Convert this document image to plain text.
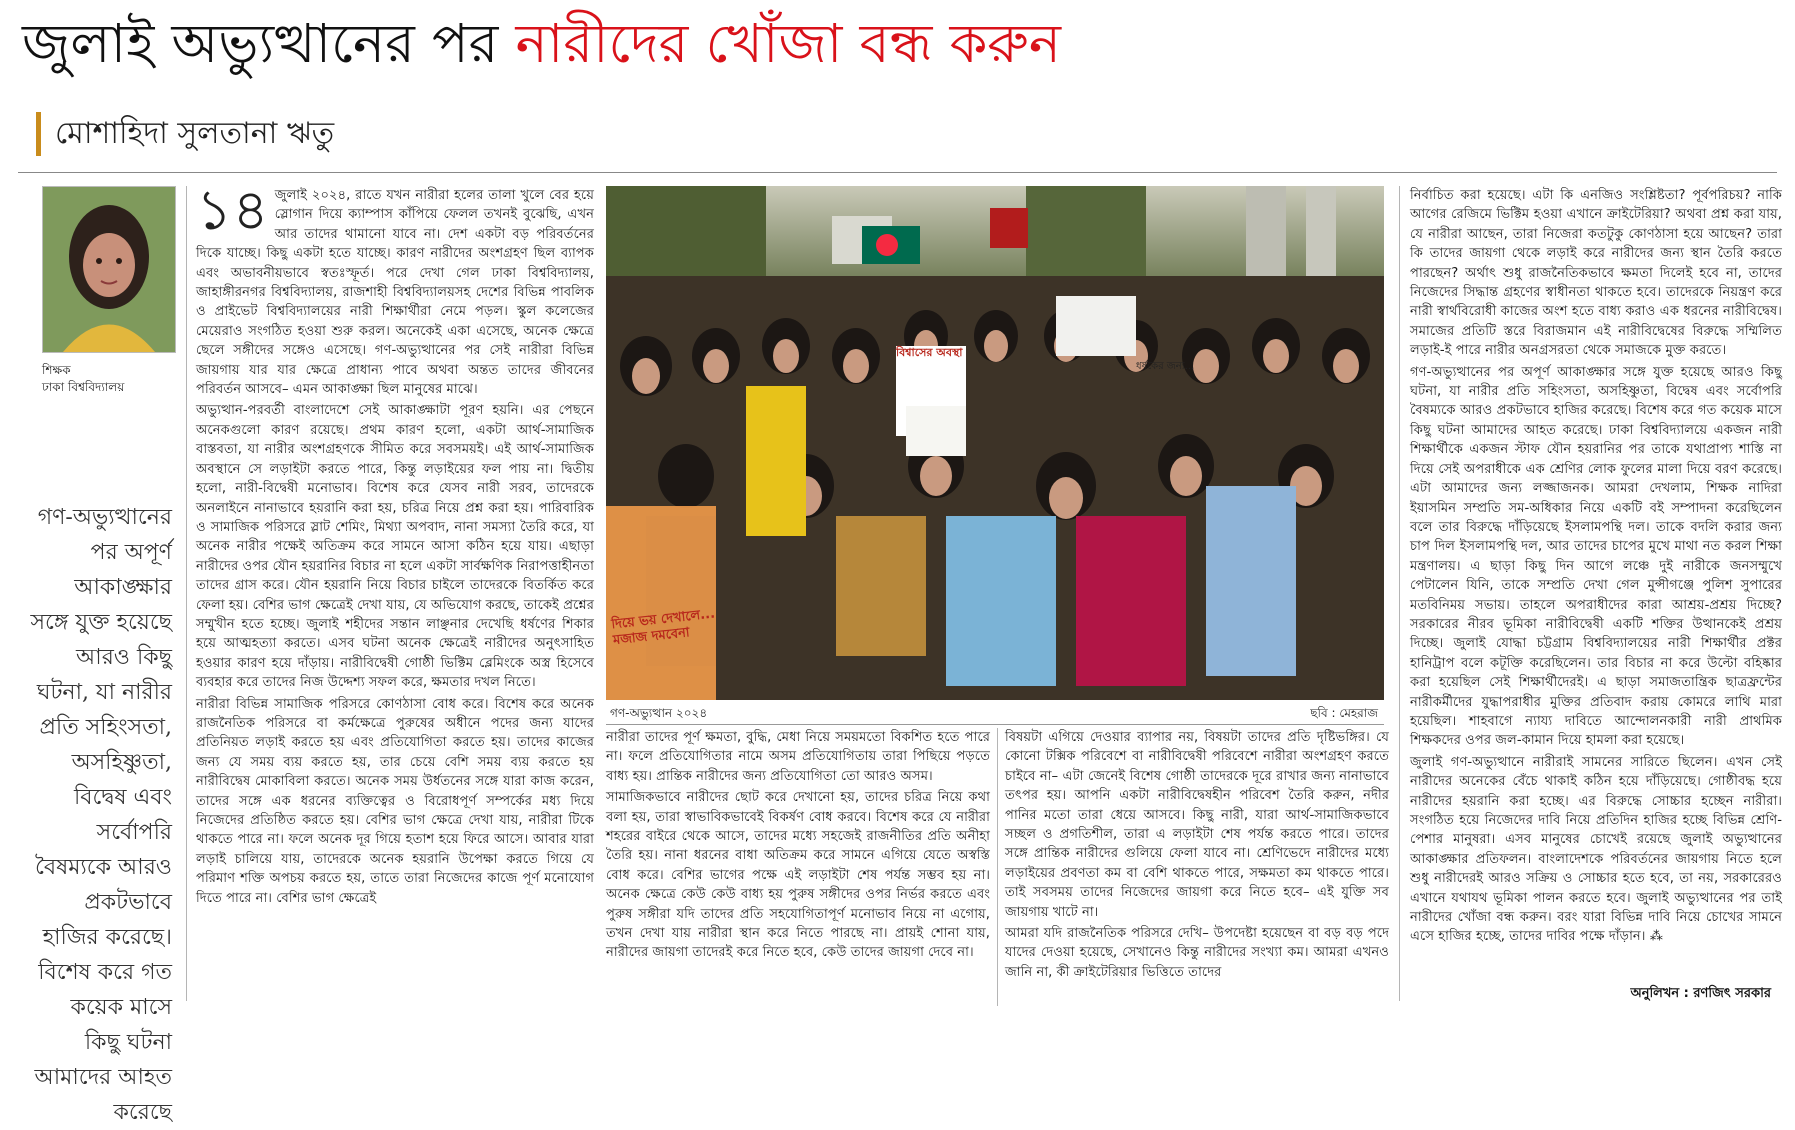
জুলাই অভ্যুত্থানের পর নারীদের খোঁজা বন্ধ করুন
মোশাহিদা সুলতানা ঋতু
শিক্ষক
ঢাকা বিশ্ববিদ্যালয়
গণ-অভ্যুত্থানের পর অপূর্ণ আকাঙ্ক্ষার সঙ্গে যুক্ত হয়েছে আরও কিছু ঘটনা, যা নারীর প্রতি সহিংসতা, অসহিষ্ণুতা, বিদ্বেষ এবং সর্বোপরি বৈষম্যকে আরও প্রকটভাবে হাজির করেছে। বিশেষ করে গত কয়েক মাসে কিছু ঘটনা আমাদের আহত করেছে
১৪ জুলাই ২০২৪, রাতে যখন নারীরা হলের তালা খুলে বের হয়ে স্লোগান দিয়ে ক্যাম্পাস কাঁপিয়ে ফেলল তখনই বুঝেছি, এখন আর তাদের থামানো যাবে না। দেশ একটা বড় পরিবর্তনের দিকে যাচ্ছে। কিছু একটা হতে যাচ্ছে। কারণ নারীদের অংশগ্রহণ ছিল ব্যাপক এবং অভাবনীয়ভাবে স্বতঃস্ফূর্ত। পরে দেখা গেল ঢাকা বিশ্ববিদ্যালয়, জাহাঙ্গীরনগর বিশ্ববিদ্যালয়, রাজশাহী বিশ্ববিদ্যালয়সহ দেশের বিভিন্ন পাবলিক ও প্রাইভেট বিশ্ববিদ্যালয়ের নারী শিক্ষার্থীরা নেমে পড়ল। স্কুল কলেজের মেয়েরাও সংগঠিত হওয়া শুরু করল। অনেকেই একা এসেছে, অনেক ক্ষেত্রে ছেলে সঙ্গীদের সঙ্গেও এসেছে। গণ-অভ্যুত্থানের পর সেই নারীরা বিভিন্ন জায়গায় যার যার ক্ষেত্রে প্রাধান্য পাবে অথবা অন্তত তাদের জীবনের পরিবর্তন আসবে– এমন আকাঙ্ক্ষা ছিল মানুষের মাঝে।

অভ্যুত্থান-পরবর্তী বাংলাদেশে সেই আকাঙ্ক্ষাটা পূরণ হয়নি। এর পেছনে অনেকগুলো কারণ রয়েছে। প্রথম কারণ হলো, একটা আর্থ-সামাজিক বাস্তবতা, যা নারীর অংশগ্রহণকে সীমিত করে সবসময়ই। এই আর্থ-সামাজিক অবস্থানে সে লড়াইটা করতে পারে, কিন্তু লড়াইয়ের ফল পায় না। দ্বিতীয় হলো, নারী-বিদ্বেষী মনোভাব। বিশেষ করে যেসব নারী সরব, তাদেরকে অনলাইনে নানাভাবে হয়রানি করা হয়, চরিত্র নিয়ে প্রশ্ন করা হয়। পারিবারিক ও সামাজিক পরিসরে স্লাট শেমিং, মিথ্যা অপবাদ, নানা সমস্যা তৈরি করে, যা অনেক নারীর পক্ষেই অতিক্রম করে সামনে আসা কঠিন হয়ে যায়। এছাড়া নারীদের ওপর যৌন হয়রানির বিচার না হলে একটা সার্বক্ষণিক নিরাপত্তাহীনতা তাদের গ্রাস করে। যৌন হয়রানি নিয়ে বিচার চাইলে তাদেরকে বিতর্কিত করে ফেলা হয়। বেশির ভাগ ক্ষেত্রেই দেখা যায়, যে অভিযোগ করছে, তাকেই প্রশ্নের সম্মুখীন হতে হচ্ছে। জুলাই শহীদের সন্তান লাঞ্ছনার দেখেছি ধর্ষণের শিকার হয়ে আত্মহত্যা করতে। এসব ঘটনা অনেক ক্ষেত্রেই নারীদের অনুৎসাহিত হওয়ার কারণ হয়ে দাঁড়ায়। নারীবিদ্বেষী গোষ্ঠী ভিক্টিম ব্লেমিংকে অস্ত্র হিসেবে ব্যবহার করে তাদের নিজ উদ্দেশ্য সফল করে, ক্ষমতার দখল নিতে।

নারীরা বিভিন্ন সামাজিক পরিসরে কোণঠাসা বোধ করে। বিশেষ করে অনেক রাজনৈতিক পরিসরে বা কর্মক্ষেত্রে পুরুষের অধীনে পদের জন্য যাদের প্রতিনিয়ত লড়াই করতে হয় এবং প্রতিযোগিতা করতে হয়। তাদের কাজের জন্য যে সময় ব্যয় করতে হয়, তার চেয়ে বেশি সময় ব্যয় করতে হয় নারীবিদ্বেষ মোকাবিলা করতে। অনেক সময় উর্ধতনের সঙ্গে যারা কাজ করেন, তাদের সঙ্গে এক ধরনের ব্যক্তিত্বের ও বিরোধপূর্ণ সম্পর্কের মধ্য দিয়ে নিজেদের প্রতিষ্ঠিত করতে হয়। বেশির ভাগ ক্ষেত্রে দেখা যায়, নারীরা টিকে থাকতে পারে না। ফলে অনেক দূর গিয়ে হতাশ হয়ে ফিরে আসে। আবার যারা লড়াই চালিয়ে যায়, তাদেরকে অনেক হয়রানি উপেক্ষা করতে গিয়ে যে পরিমাণ শক্তি অপচয় করতে হয়, তাতে তারা নিজেদের কাজে পূর্ণ মনোযোগ দিতে পারে না। বেশির ভাগ ক্ষেত্রেই

গণ-অভ্যুত্থান ২০২৪	ছবি : মেহরাজ

নারীরা তাদের পূর্ণ ক্ষমতা, বুদ্ধি, মেধা নিয়ে সময়মতো বিকশিত হতে পারে না। ফলে প্রতিযোগিতার নামে অসম প্রতিযোগিতায় তারা পিছিয়ে পড়তে বাধ্য হয়। প্রান্তিক নারীদের জন্য প্রতিযোগিতা তো আরও অসম।

সামাজিকভাবে নারীদের ছোট করে দেখানো হয়, তাদের চরিত্র নিয়ে কথা বলা হয়, তারা স্বাভাবিকভাবেই বিকর্ষণ বোধ করবে। বিশেষ করে যে নারীরা শহরের বাইরে থেকে আসে, তাদের মধ্যে সহজেই রাজনীতির প্রতি অনীহা তৈরি হয়। নানা ধরনের বাধা অতিক্রম করে সামনে এগিয়ে যেতে অস্বস্তি বোধ করে। বেশির ভাগের পক্ষে এই লড়াইটা শেষ পর্যন্ত সম্ভব হয় না। অনেক ক্ষেত্রে কেউ কেউ বাধ্য হয় পুরুষ সঙ্গীদের ওপর নির্ভর করতে এবং পুরুষ সঙ্গীরা যদি তাদের প্রতি সহযোগিতাপূর্ণ মনোভাব নিয়ে না এগোয়, তখন দেখা যায় নারীরা স্থান করে নিতে পারছে না। প্রায়ই শোনা যায়, নারীদের জায়গা তাদেরই করে নিতে হবে, কেউ তাদের জায়গা দেবে না।

বিষয়টা এগিয়ে দেওয়ার ব্যাপার নয়, বিষয়টা তাদের প্রতি দৃষ্টিভঙ্গির। যে কোনো টক্সিক পরিবেশে বা নারীবিদ্বেষী পরিবেশে নারীরা অংশগ্রহণ করতে চাইবে না– এটা জেনেই বিশেষ গোষ্ঠী তাদেরকে দূরে রাখার জন্য নানাভাবে তৎপর হয়। আপনি একটা নারীবিদ্বেষহীন পরিবেশ তৈরি করুন, নদীর পানির মতো তারা ধেয়ে আসবে। কিছু নারী, যারা আর্থ-সামাজিকভাবে সচ্ছল ও প্রগতিশীল, তারা এ লড়াইটা শেষ পর্যন্ত করতে পারে। তাদের সঙ্গে প্রান্তিক নারীদের গুলিয়ে ফেলা যাবে না। শ্রেণিভেদে নারীদের মধ্যে লড়াইয়ের প্রবণতা কম বা বেশি থাকতে পারে, সক্ষমতা কম থাকতে পারে। তাই সবসময় তাদের নিজেদের জায়গা করে নিতে হবে– এই যুক্তি সব জায়গায় খাটে না।

আমরা যদি রাজনৈতিক পরিসরে দেখি– উপদেষ্টা হয়েছেন বা বড় বড় পদে যাদের দেওয়া হয়েছে, সেখানেও কিন্তু নারীদের সংখ্যা কম। আমরা এখনও জানি না, কী ক্রাইটেরিয়ার ভিত্তিতে তাদের

নির্বাচিত করা হয়েছে। এটা কি এনজিও সংশ্লিষ্টতা? পূর্বপরিচয়? নাকি আগের রেজিমে ভিক্টিম হওয়া এখানে ক্রাইটেরিয়া? অথবা প্রশ্ন করা যায়, যে নারীরা আছেন, তারা নিজেরা কতটুকু কোণঠাসা হয়ে আছেন? তারা কি তাদের জায়গা থেকে লড়াই করে নারীদের জন্য স্থান তৈরি করতে পারছেন? অর্থাৎ শুধু রাজনৈতিকভাবে ক্ষমতা দিলেই হবে না, তাদের নিজেদের সিদ্ধান্ত গ্রহণের স্বাধীনতা থাকতে হবে। তাদেরকে নিয়ন্ত্রণ করে নারী স্বার্থবিরোধী কাজের অংশ হতে বাধ্য করাও এক ধরনের নারীবিদ্বেষ। সমাজের প্রতিটি স্তরে বিরাজমান এই নারীবিদ্বেষের বিরুদ্ধে সম্মিলিত লড়াই-ই পারে নারীর অনগ্রসরতা থেকে সমাজকে মুক্ত করতে।

গণ-অভ্যুত্থানের পর অপূর্ণ আকাঙ্ক্ষার সঙ্গে যুক্ত হয়েছে আরও কিছু ঘটনা, যা নারীর প্রতি সহিংসতা, অসহিষ্ণুতা, বিদ্বেষ এবং সর্বোপরি বৈষম্যকে আরও প্রকটভাবে হাজির করেছে। বিশেষ করে গত কয়েক মাসে কিছু ঘটনা আমাদের আহত করেছে। ঢাকা বিশ্ববিদ্যালয়ে একজন নারী শিক্ষার্থীকে একজন স্টাফ যৌন হয়রানির পর তাকে যথাপ্রাপ্য শাস্তি না দিয়ে সেই অপরাধীকে এক শ্রেণির লোক ফুলের মালা দিয়ে বরণ করেছে। এটা আমাদের জন্য লজ্জাজনক। আমরা দেখলাম, শিক্ষক নাদিরা ইয়াসমিন সম্প্রতি সম-অধিকার নিয়ে একটি বই সম্পাদনা করেছিলেন বলে তার বিরুদ্ধে দাঁড়িয়েছে ইসলামপন্থি দল। তাকে বদলি করার জন্য চাপ দিল ইসলামপন্থি দল, আর তাদের চাপের মুখে মাথা নত করল শিক্ষা মন্ত্রণালয়। এ ছাড়া কিছু দিন আগে লঞ্চে দুই নারীকে জনসম্মুখে পেটালেন যিনি, তাকে সম্প্রতি দেখা গেল মুন্সীগঞ্জে পুলিশ সুপারের মতবিনিময় সভায়। তাহলে অপরাধীদের কারা আশ্রয়-প্রশ্রয় দিচ্ছে? সরকারের নীরব ভূমিকা নারীবিদ্বেষী একটি শক্তির উত্থানকেই প্রশ্রয় দিচ্ছে। জুলাই যোদ্ধা চট্টগ্রাম বিশ্ববিদ্যালয়ের নারী শিক্ষার্থীর প্রক্টর হানিট্রাপ বলে কটূক্তি করেছিলেন। তার বিচার না করে উল্টো বহিষ্কার করা হয়েছিল সেই শিক্ষার্থীদেরই। এ ছাড়া সমাজতান্ত্রিক ছাত্রফ্রন্টের নারীকর্মীদের যুদ্ধাপরাধীর মুক্তির প্রতিবাদ করায় কোমরে লাথি মারা হয়েছিল। শাহবাগে ন্যায্য দাবিতে আন্দোলনকারী নারী প্রাথমিক শিক্ষকদের ওপর জল-কামান দিয়ে হামলা করা হয়েছে।

জুলাই গণ-অভ্যুত্থানে নারীরাই সামনের সারিতে ছিলেন। এখন সেই নারীদের অনেকের বেঁচে থাকাই কঠিন হয়ে দাঁড়িয়েছে। গোষ্ঠীবদ্ধ হয়ে নারীদের হয়রানি করা হচ্ছে। এর বিরুদ্ধে সোচ্চার হচ্ছেন নারীরা। সংগঠিত হয়ে নিজেদের দাবি নিয়ে প্রতিদিন হাজির হচ্ছে বিভিন্ন শ্রেণি-পেশার মানুষরা। এসব মানুষের চোখেই রয়েছে জুলাই অভ্যুত্থানের আকাঙ্ক্ষার প্রতিফলন। বাংলাদেশকে পরিবর্তনের জায়গায় নিতে হলে শুধু নারীদেরই আরও সক্রিয় ও সোচ্চার হতে হবে, তা নয়, সরকারেরও এখানে যথাযথ ভূমিকা পালন করতে হবে। জুলাই অভ্যুত্থানের পর তাই নারীদের খোঁজা বন্ধ করুন। বরং যারা বিভিন্ন দাবি নিয়ে চোখের সামনে এসে হাজির হচ্ছে, তাদের দাবির পক্ষে দাঁড়ান। ⁂

অনুলিখন : রণজিৎ সরকার
দিয়ে ভয় দেখালে... মজাজ দমবেনা
বিশ্বাসের অবস্থা
ধর্ষকের জন্য...
